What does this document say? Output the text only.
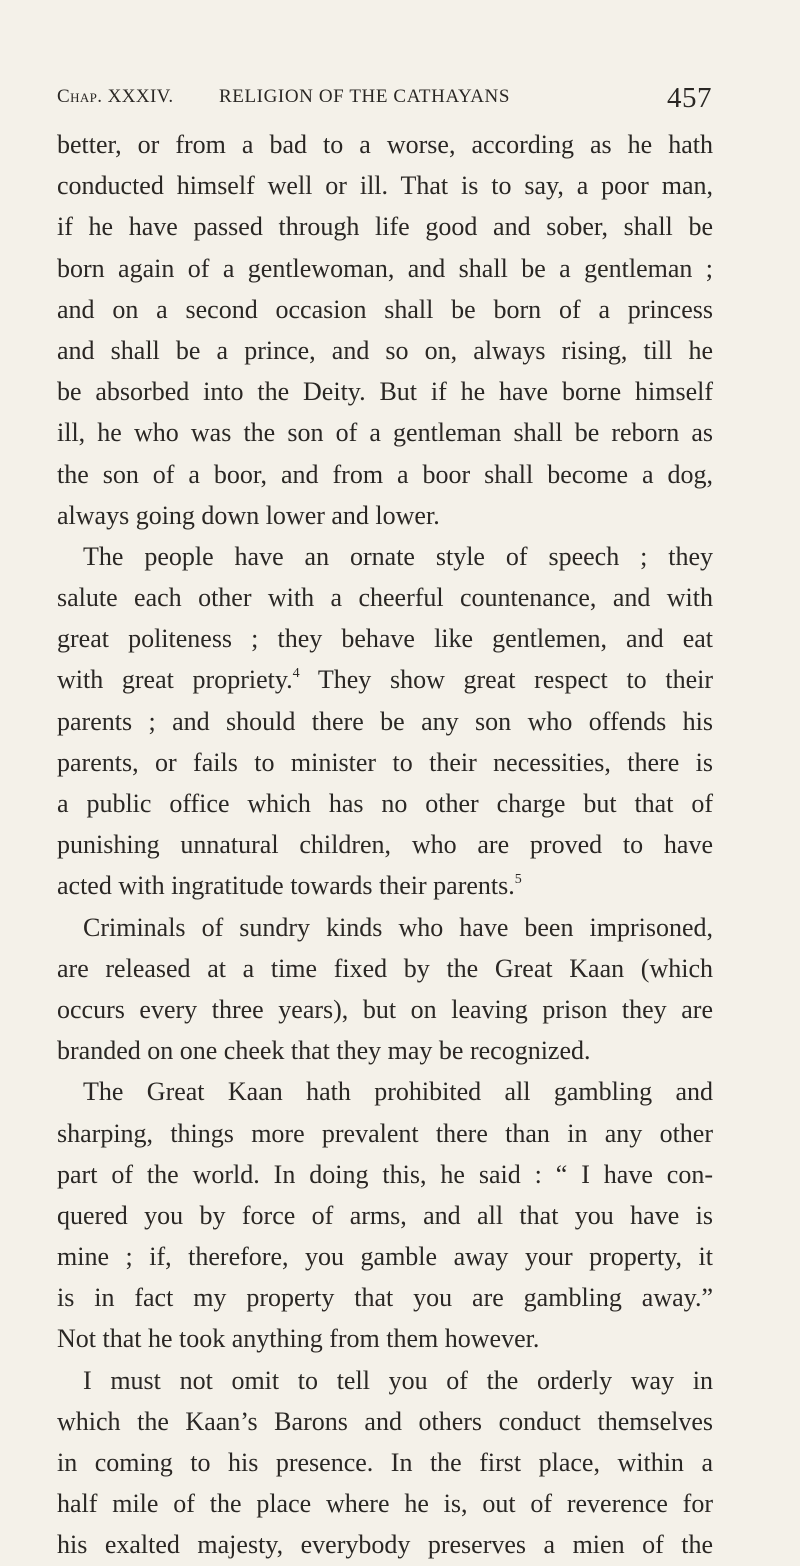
Chap. XXXIV. RELIGION OF THE CATHAYANS	457
better, or from a bad to a worse, according as he hath
conducted himself well or ill. That is to say, a poor man,
if he have passed through life good and sober, shall be
born again of a gentlewoman, and shall be a gentleman ;
and on a second occasion shall be born of a princess
and shall be a prince, and so on, always rising, till he
be absorbed into the Deity. But if he have borne himself
ill, he who was the son of a gentleman shall be reborn as
the son of a boor, and from a boor shall become a dog,
always going down lower and lower.
The people have an ornate style of speech ; they
salute each other with a cheerful countenance, and with
great politeness ; they behave like gentlemen, and eat
with great propriety.$^4$ They show great respect to their
parents ; and should there be any son who offends his
parents, or fails to minister to their necessities, there is
a public office which has no other charge but that of
punishing unnatural children, who are proved to have
acted with ingratitude towards their parents.$^5$
Criminals of sundry kinds who have been imprisoned,
are released at a time fixed by the Great Kaan (which
occurs every three years), but on leaving prison they are
branded on one cheek that they may be recognized.
The Great Kaan hath prohibited all gambling and
sharping, things more prevalent there than in any other
part of the world. In doing this, he said : “ I have con-
quered you by force of arms, and all that you have is
mine ; if, therefore, you gamble away your property, it
is in fact my property that you are gambling away.”
Not that he took anything from them however.
I must not omit to tell you of the orderly way in
which the Kaan’s Barons and others conduct themselves
in coming to his presence. In the first place, within a
half mile of the place where he is, out of reverence for
his exalted majesty, everybody preserves a mien of the
